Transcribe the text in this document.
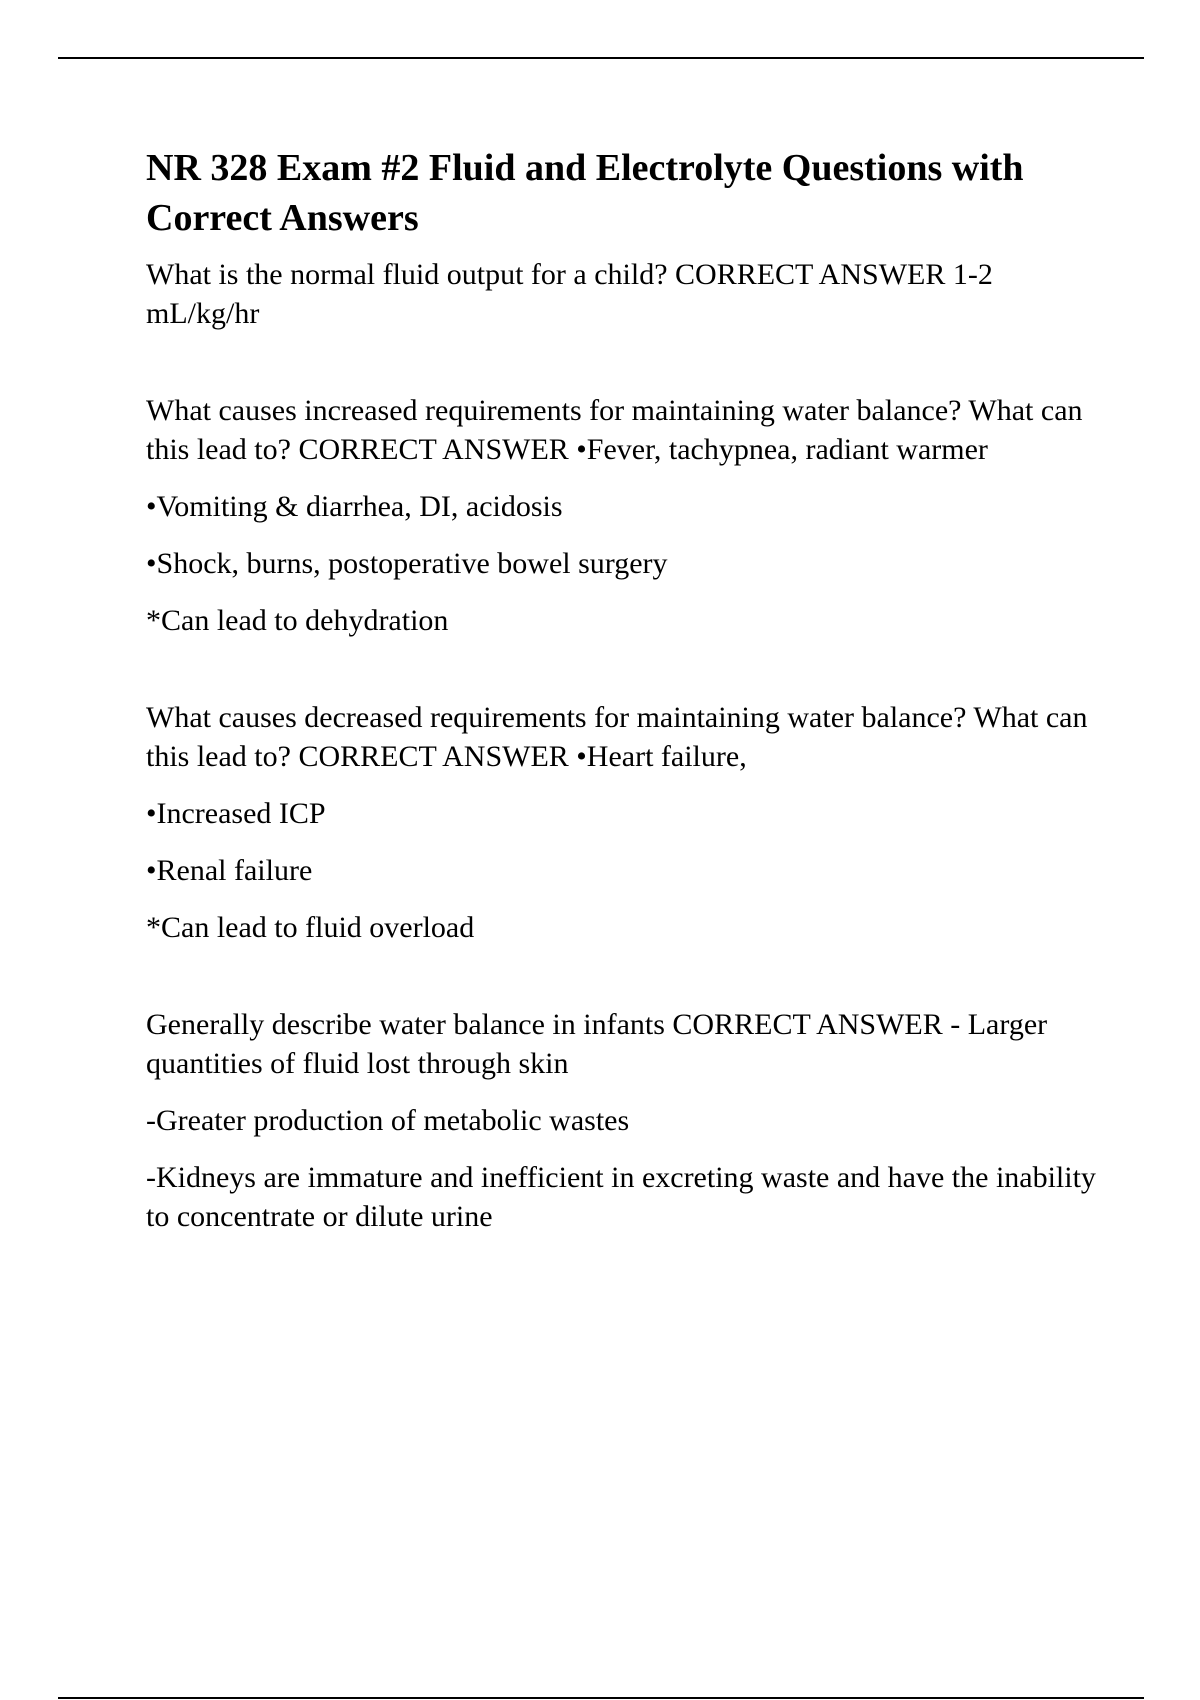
NR 328 Exam #2 Fluid and Electrolyte Questions with Correct Answers

What is the normal fluid output for a child? CORRECT ANSWER 1-2 mL/kg/hr

What causes increased requirements for maintaining water balance? What can this lead to? CORRECT ANSWER •Fever, tachypnea, radiant warmer

•Vomiting & diarrhea, DI, acidosis

•Shock, burns, postoperative bowel surgery

*Can lead to dehydration

What causes decreased requirements for maintaining water balance? What can this lead to? CORRECT ANSWER •Heart failure,

•Increased ICP

•Renal failure

*Can lead to fluid overload

Generally describe water balance in infants CORRECT ANSWER - Larger quantities of fluid lost through skin

-Greater production of metabolic wastes

-Kidneys are immature and inefficient in excreting waste and have the inability to concentrate or dilute urine
